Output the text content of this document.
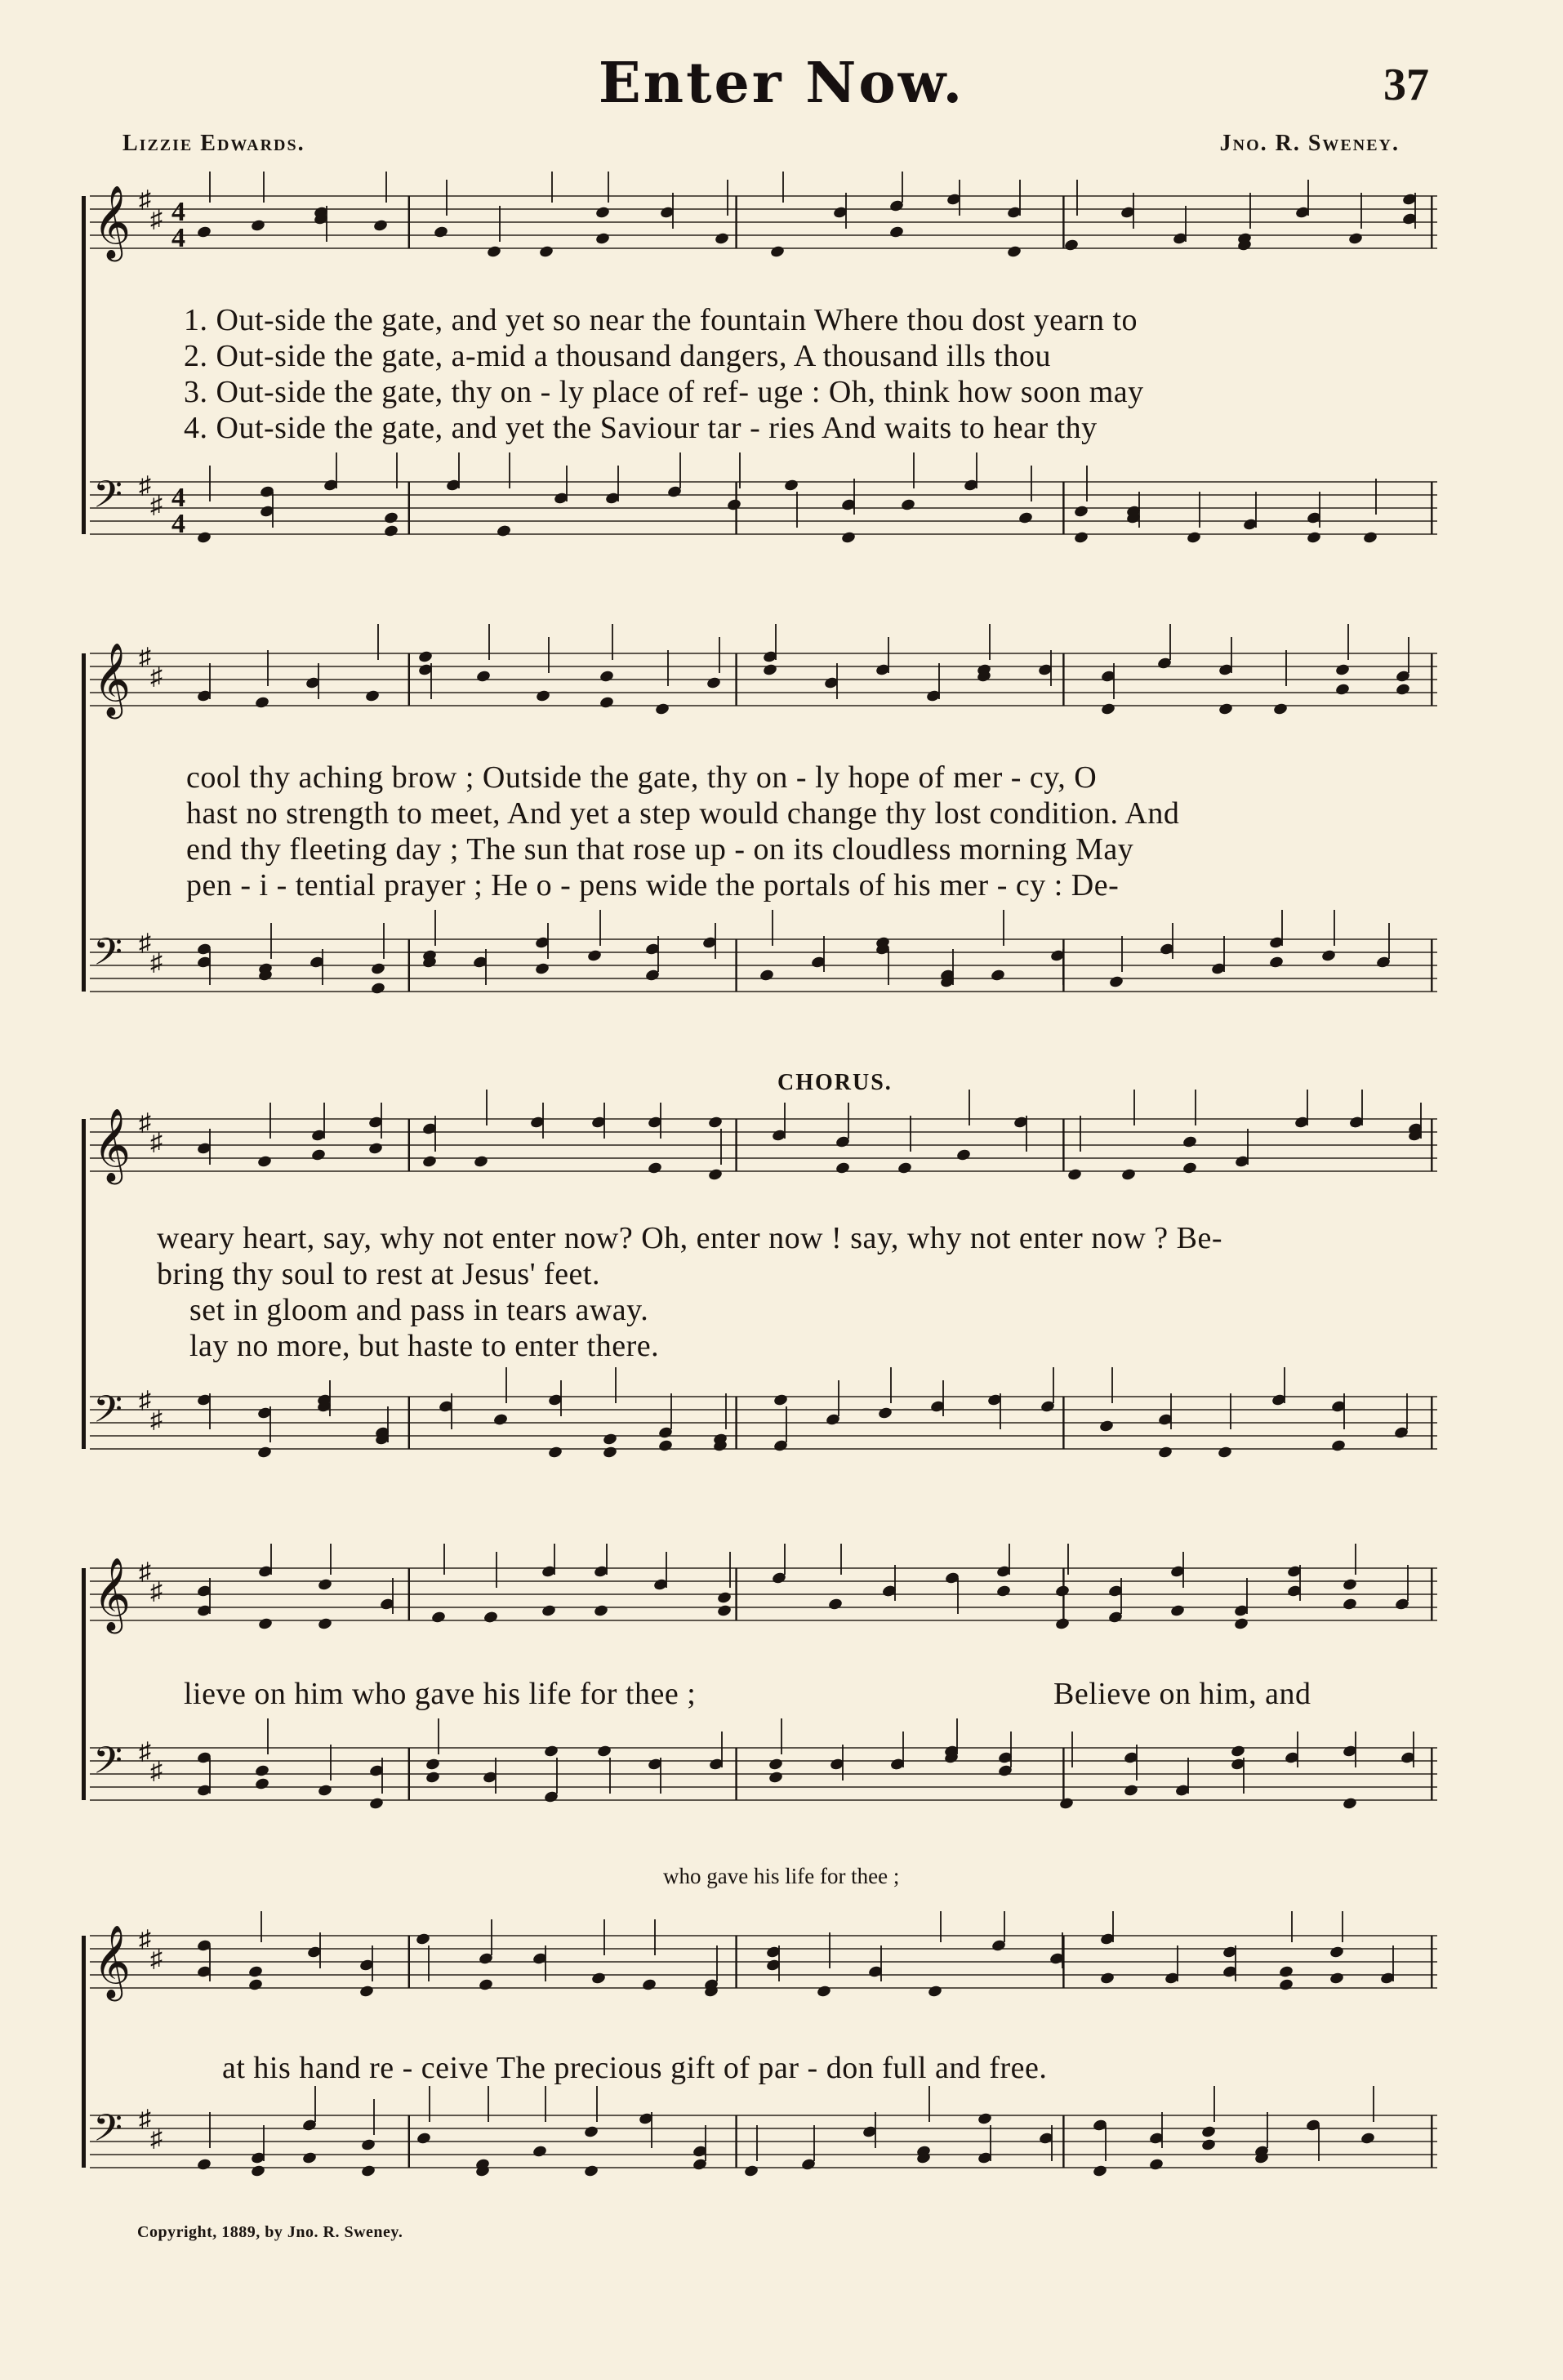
Enter Now.	37
Lizzie Edwards.	Jno. R. Sweney.
𝄞 ♯
♯ 4
4
𝄢 ♯
♯ 4
4
1. Out-side the gate, and yet so near the fountain Where thou dost yearn to
2. Out-side the gate, a-mid a thousand dangers, A thousand ills thou
3. Out-side the gate, thy on - ly place of ref- uge : Oh, think how soon may
4. Out-side the gate, and yet the Saviour tar - ries And waits to hear thy
𝄞 ♯
♯
𝄢 ♯
♯
cool thy aching brow ; Outside the gate, thy on - ly hope of mer - cy, O
hast no strength to meet, And yet a step would change thy lost condition. And
end thy fleeting day ; The sun that rose up - on its cloudless morning May
pen - i - tential prayer ; He o - pens wide the portals of his mer - cy : De-
𝄞 ♯
♯
𝄢 ♯
♯
CHORUS.
weary heart, say, why not enter now? Oh, enter now ! say, why not enter now ? Be-
bring thy soul to rest at Jesus' feet.
set in gloom and pass in tears away.
lay no more, but haste to enter there.
𝄞 ♯
♯
𝄢 ♯
♯
lieve on him who gave his life for thee ;	Believe on him, and
who gave his life for thee ;
𝄞 ♯
♯
𝄢 ♯
♯
at his hand re - ceive The precious gift of par - don full and free.
Copyright, 1889, by Jno. R. Sweney.
